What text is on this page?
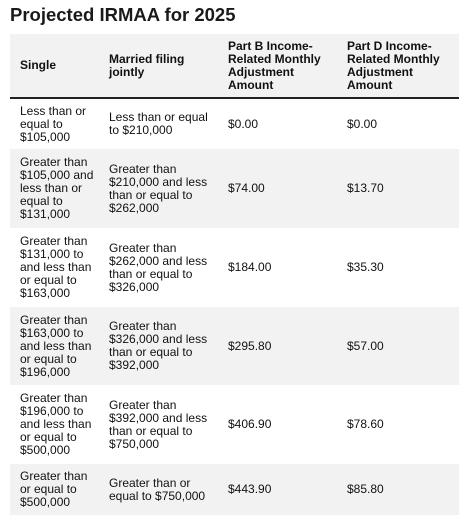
Projected IRMAA for 2025
Single	Married filing jointly	Part B Income-Related Monthly Adjustment Amount	Part D Income-Related Monthly Adjustment Amount
Less than or equal to $105,000	Less than or equal to $210,000	$0.00	$0.00
Greater than $105,000 and less than or equal to $131,000	Greater than $210,000 and less than or equal to $262,000	$74.00	$13.70
Greater than $131,000 to and less than or equal to $163,000	Greater than $262,000 and less than or equal to $326,000	$184.00	$35.30
Greater than $163,000 to and less than or equal to $196,000	Greater than $326,000 and less than or equal to $392,000	$295.80	$57.00
Greater than $196,000 to and less than or equal to $500,000	Greater than $392,000 and less than or equal to $750,000	$406.90	$78.60
Greater than or equal to $500,000	Greater than or equal to $750,000	$443.90	$85.80
